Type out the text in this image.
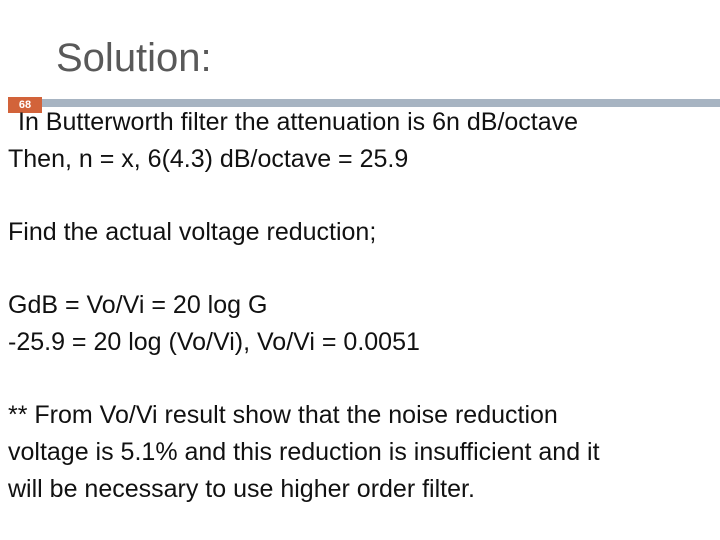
Solution:
68
In Butterworth filter the attenuation is 6n dB/octave
Then, n = x, 6(4.3) dB/octave = 25.9
Find the actual voltage reduction;
GdB = Vo/Vi = 20 log G
-25.9 = 20 log (Vo/Vi), Vo/Vi = 0.0051
** From Vo/Vi result show that the noise reduction
voltage is 5.1% and this reduction is insufficient and it
will be necessary to use higher order filter.
